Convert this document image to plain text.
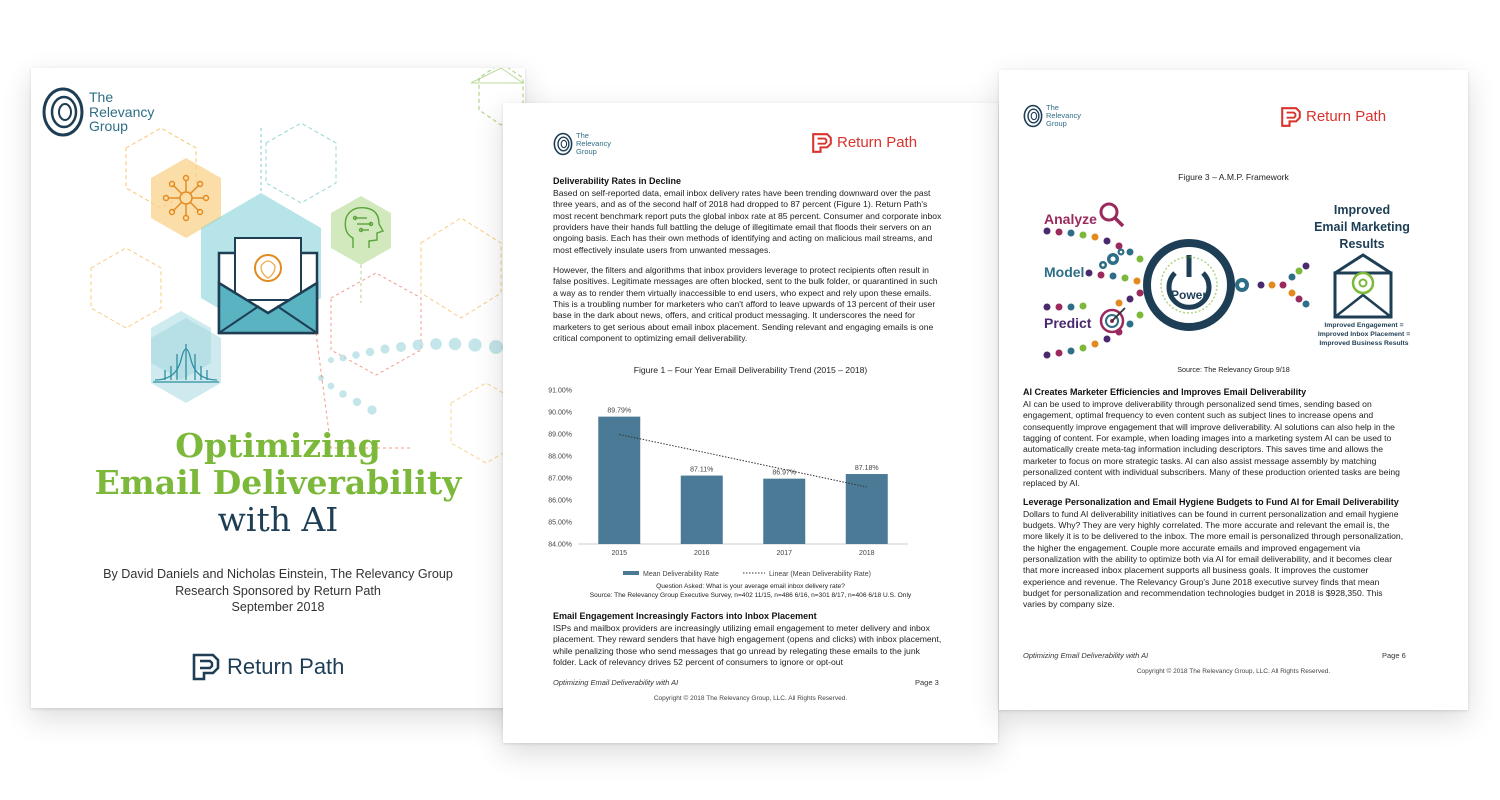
The
Relevancy
Group
Optimizing
Email Deliverability
with AI
By David Daniels and Nicholas Einstein, The Relevancy Group
Research Sponsored by Return Path
September 2018
Return Path
The
Relevancy
Group
Return Path
Deliverability Rates in Decline

Based on self-reported data, email inbox delivery rates have been trending downward over the past three years, and as of the second half of 2018 had dropped to 87 percent (Figure 1). Return Path's most recent benchmark report puts the global inbox rate at 85 percent. Consumer and corporate inbox providers have their hands full battling the deluge of illegitimate email that floods their servers on an ongoing basis. Each has their own methods of identifying and acting on malicious mail streams, and most effectively insulate users from unwanted messages.

However, the filters and algorithms that inbox providers leverage to protect recipients often result in false positives. Legitimate messages are often blocked, sent to the bulk folder, or quarantined in such a way as to render them virtually inaccessible to end users, who expect and rely upon these emails. This is a troubling number for marketers who can't afford to leave upwards of 13 percent of their user base in the dark about news, offers, and critical product messaging. It underscores the need for marketers to get serious about email inbox placement. Sending relevant and engaging emails is one critical component to optimizing email deliverability.

Figure 1 – Four Year Email Deliverability Trend (2015 – 2018)
84.00%
85.00%
86.00%
87.00%
88.00%
89.00%
90.00%
91.00%
2015
89.79%
2016
87.11%
2017
86.97%
2018
87.18%
Mean Deliverability Rate	Linear (Mean Deliverability Rate)
Question Asked: What is your average email inbox delivery rate?
Source: The Relevancy Group Executive Survey, n=402 11/15, n=486 6/16, n=301 8/17, n=406 6/18 U.S. Only
Email Engagement Increasingly Factors into Inbox Placement

ISPs and mailbox providers are increasingly utilizing email engagement to meter delivery and inbox placement. They reward senders that have high engagement (opens and clicks) with inbox placement, while penalizing those who send messages that go unread by relegating these emails to the junk folder. Lack of relevancy drives 52 percent of consumers to ignore or opt-out

Optimizing Email Deliverability with AI	Page 3
Copyright © 2018 The Relevancy Group, LLC. All Rights Reserved.
The
Relevancy
Group	Return Path
Figure 3 – A.M.P. Framework
Analyze
Model
Predict
Power
Improved
Email Marketing
Results
Improved Engagement =
Improved Inbox Placement =
Improved Business Results
Source: The Relevancy Group 9/18
AI Creates Marketer Efficiencies and Improves Email Deliverability

AI can be used to improve deliverability through personalized send times, sending based on engagement, optimal frequency to even content such as subject lines to increase opens and consequently improve engagement that will improve deliverability. AI solutions can also help in the tagging of content. For example, when loading images into a marketing system AI can be used to automatically create meta-tag information including descriptors. This saves time and allows the marketer to focus on more strategic tasks. AI can also assist message assembly by matching personalized content with individual subscribers. Many of these production oriented tasks are being replaced by AI.

Leverage Personalization and Email Hygiene Budgets to Fund AI for Email Deliverability

Dollars to fund AI deliverability initiatives can be found in current personalization and email hygiene budgets. Why? They are very highly correlated. The more accurate and relevant the email is, the more likely it is to be delivered to the inbox. The more email is personalized through personalization, the higher the engagement. Couple more accurate emails and improved engagement via personalization with the ability to optimize both via AI for email deliverability, and it becomes clear that more increased inbox placement supports all business goals. It improves the customer experience and revenue. The Relevancy Group's June 2018 executive survey finds that mean budget for personalization and recommendation technologies budget in 2018 is $928,350. This varies by company size.

Optimizing Email Deliverability with AI	Page 6
Copyright © 2018 The Relevancy Group, LLC. All Rights Reserved.
